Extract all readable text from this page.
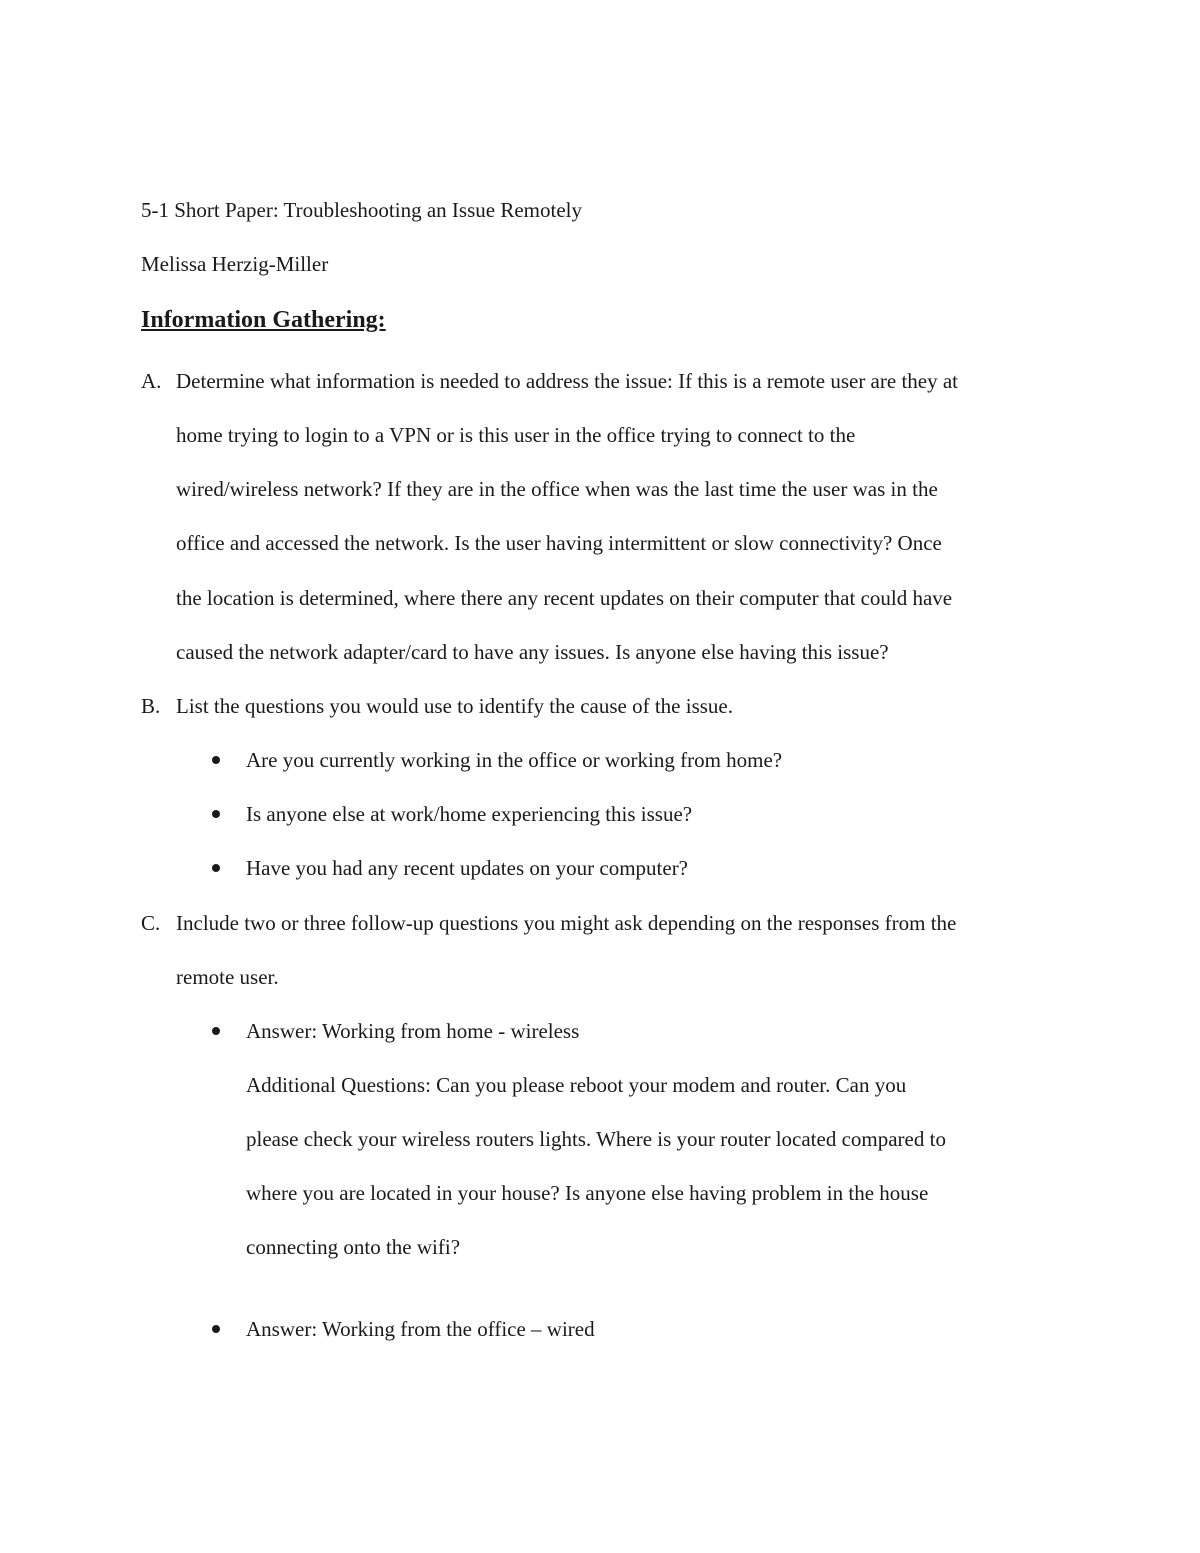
5-1 Short Paper: Troubleshooting an Issue Remotely
Melissa Herzig-Miller
Information Gathering:
A. Determine what information is needed to address the issue: If this is a remote user are they at
home trying to login to a VPN or is this user in the office trying to connect to the
wired/wireless network? If they are in the office when was the last time the user was in the
office and accessed the network. Is the user having intermittent or slow connectivity? Once
the location is determined, where there any recent updates on their computer that could have
caused the network adapter/card to have any issues. Is anyone else having this issue?
B. List the questions you would use to identify the cause of the issue.
Are you currently working in the office or working from home?
Is anyone else at work/home experiencing this issue?
Have you had any recent updates on your computer?
C. Include two or three follow-up questions you might ask depending on the responses from the
remote user.
Answer: Working from home - wireless
Additional Questions: Can you please reboot your modem and router. Can you
please check your wireless routers lights. Where is your router located compared to
where you are located in your house? Is anyone else having problem in the house
connecting onto the wifi?
Answer: Working from the office – wired
